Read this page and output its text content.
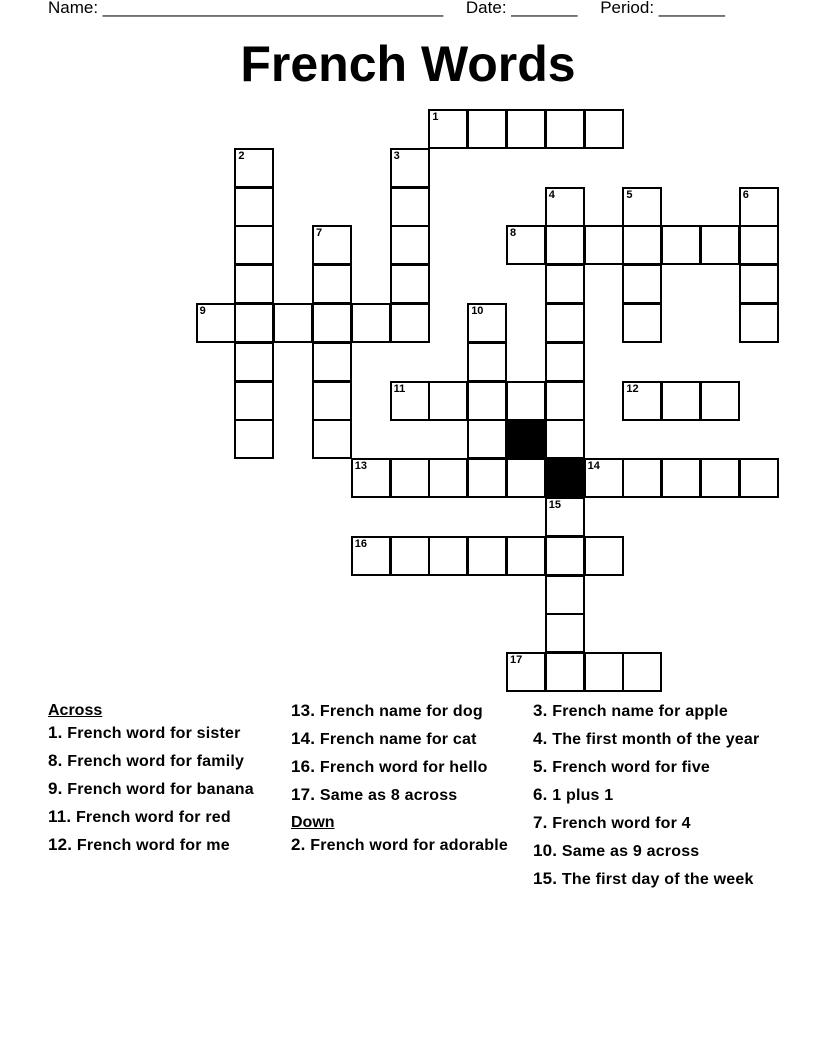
Name: ____________________________________ Date: _______ Period: _______
French Words
1
8
9
11	12
13	14
16
17
2	3
4
15
5	6
7
10
Across
1. French word for sister
8. French word for family
9. French word for banana
11. French word for red
12. French word for me
13. French name for dog
14. French name for cat
16. French word for hello
17. Same as 8 across
Down
2. French word for adorable
3. French name for apple
4. The first month of the year
5. French word for five
6. 1 plus 1
7. French word for 4
10. Same as 9 across
15. The first day of the week
